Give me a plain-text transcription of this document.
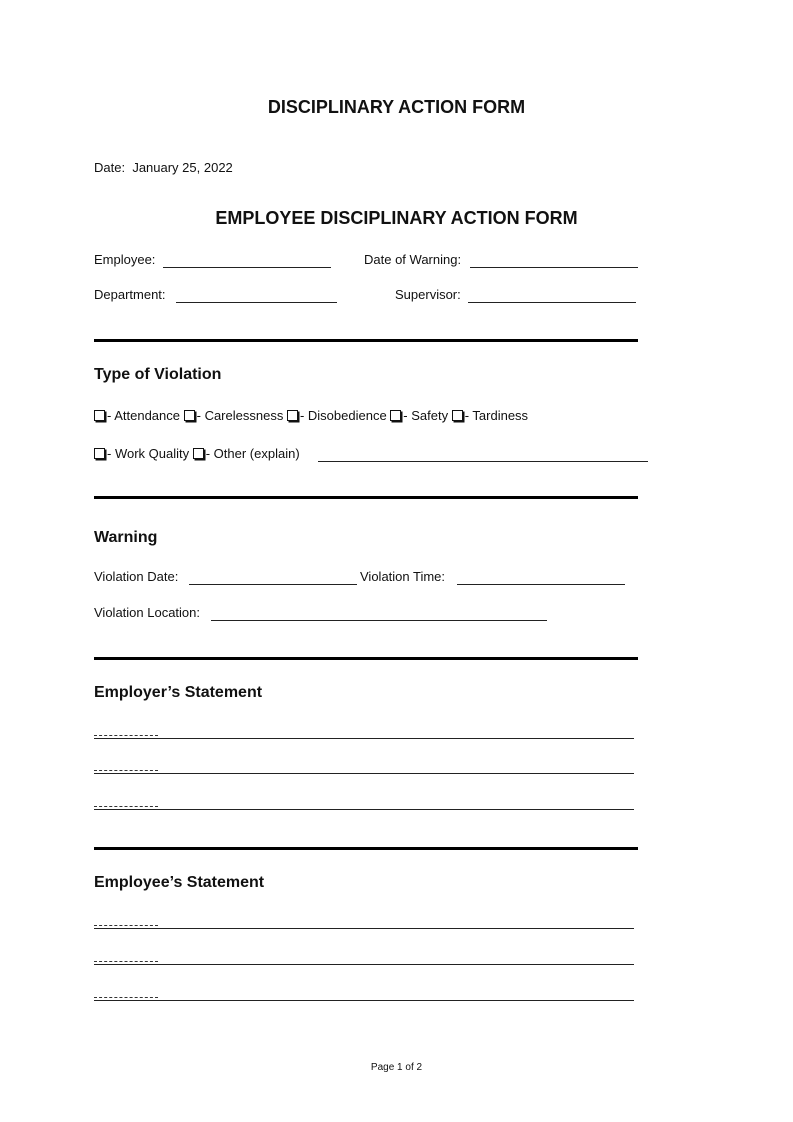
DISCIPLINARY ACTION FORM
Date: January 25, 2022
EMPLOYEE DISCIPLINARY ACTION FORM
Employee:	Date of Warning:
Department:	Supervisor:
Type of Violation
- Attendance - Carelessness - Disobedience - Safety - Tardiness
- Work Quality - Other (explain)
Warning
Violation Date:	Violation Time:
Violation Location:
Employer’s Statement
Employee’s Statement
Page 1 of 2
